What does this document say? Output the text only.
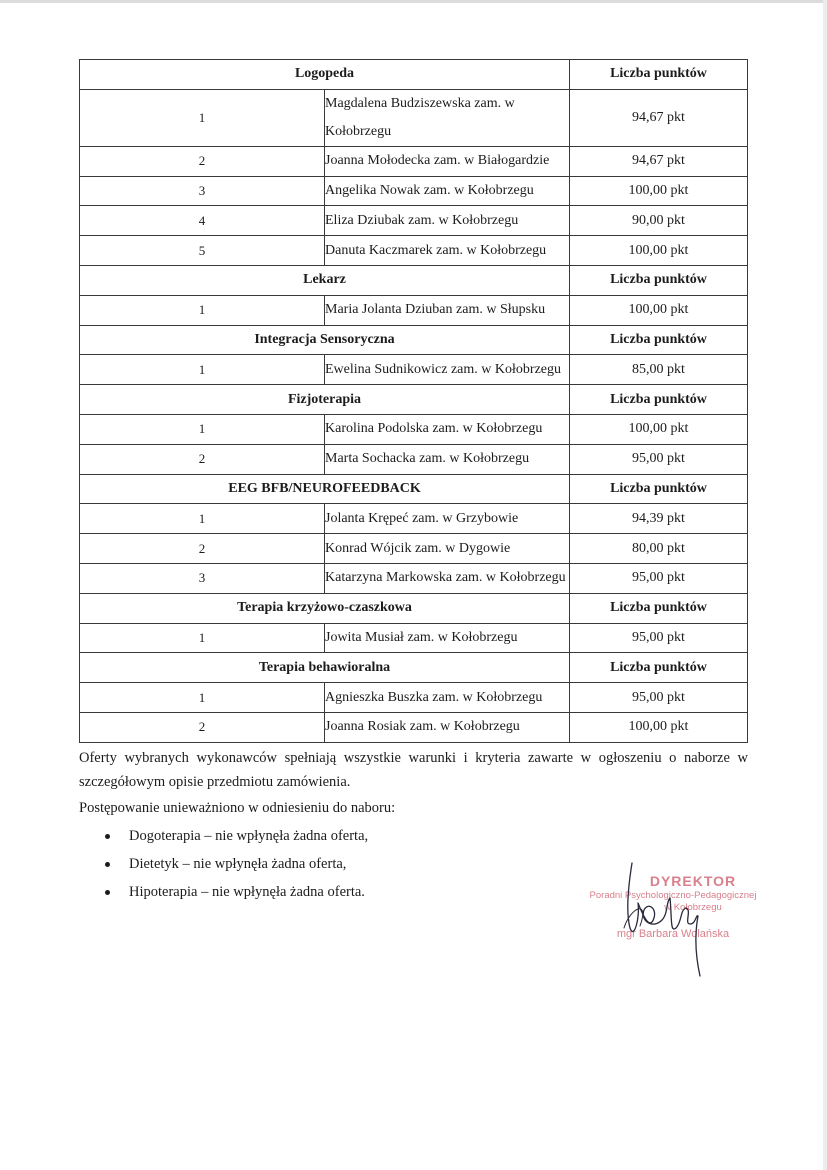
Logopeda		Liczba punktów
1	Magdalena Budziszewska zam. w Kołobrzegu	94,67 pkt
2	Joanna Mołodecka zam. w Białogardzie	94,67 pkt
3	Angelika Nowak zam. w Kołobrzegu	100,00 pkt
4	Eliza Dziubak zam. w Kołobrzegu	90,00 pkt
5	Danuta Kaczmarek zam. w Kołobrzegu	100,00 pkt
Lekarz		Liczba punktów
1	Maria Jolanta Dziuban zam. w Słupsku	100,00 pkt
Integracja Sensoryczna		Liczba punktów
1	Ewelina Sudnikowicz zam. w Kołobrzegu	85,00 pkt
Fizjoterapia		Liczba punktów
1	Karolina Podolska zam. w Kołobrzegu	100,00 pkt
2	Marta Sochacka zam. w Kołobrzegu	95,00 pkt
EEG BFB/NEUROFEEDBACK		Liczba punktów
1	Jolanta Krępeć zam. w Grzybowie	94,39 pkt
2	Konrad Wójcik zam. w Dygowie	80,00 pkt
3	Katarzyna Markowska zam. w Kołobrzegu	95,00 pkt
Terapia krzyżowo-czaszkowa		Liczba punktów
1	Jowita Musiał zam. w Kołobrzegu	95,00 pkt
Terapia behawioralna		Liczba punktów
1	Agnieszka Buszka zam. w Kołobrzegu	95,00 pkt
2	Joanna Rosiak zam. w Kołobrzegu	100,00 pkt

Oferty wybranych wykonawców spełniają wszystkie warunki i kryteria zawarte w ogłoszeniu o naborze w szczegółowym opisie przedmiotu zamówienia.

Postępowanie unieważniono w odniesieniu do naboru:

Dogoterapia – nie wpłynęła żadna oferta,
Dietetyk – nie wpłynęła żadna oferta,
Hipoterapia – nie wpłynęła żadna oferta.
DYREKTOR
Poradni Psychologiczno-Pedagogicznej
w Kołobrzegu
mgr Barbara Wolańska
